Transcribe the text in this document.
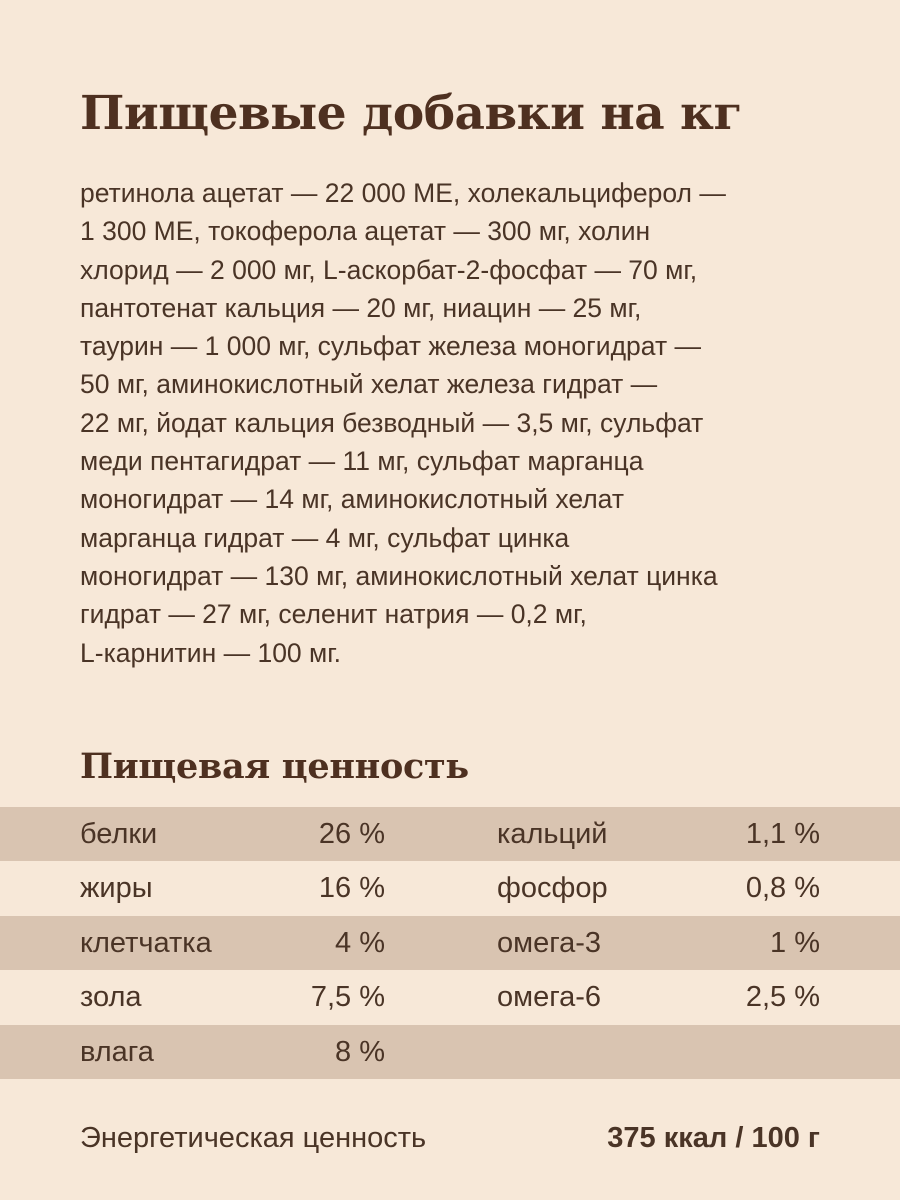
Пищевые добавки на кг
ретинола ацетат — 22 000 МЕ, холекальциферол —
1 300 МЕ, токоферола ацетат — 300 мг, холин
хлорид — 2 000 мг, L-аскорбат-2-фосфат — 70 мг,
пантотенат кальция — 20 мг, ниацин — 25 мг,
таурин — 1 000 мг, сульфат железа моногидрат —
50 мг, аминокислотный хелат железа гидрат —
22 мг, йодат кальция безводный — 3,5 мг, сульфат
меди пентагидрат — 11 мг, сульфат марганца
моногидрат — 14 мг, аминокислотный хелат
марганца гидрат — 4 мг, сульфат цинка
моногидрат — 130 мг, аминокислотный хелат цинка
гидрат — 27 мг, селенит натрия — 0,2 мг,
L-карнитин — 100 мг.
Пищевая ценность
белки	26 %	кальций	1,1 %
жиры	16 %	фосфор	0,8 %
клетчатка	4 %	омега-3	1 %
зола	7,5 %	омега-6	2,5 %
влага	8 %
Энергетическая ценность	375 ккал / 100 г
